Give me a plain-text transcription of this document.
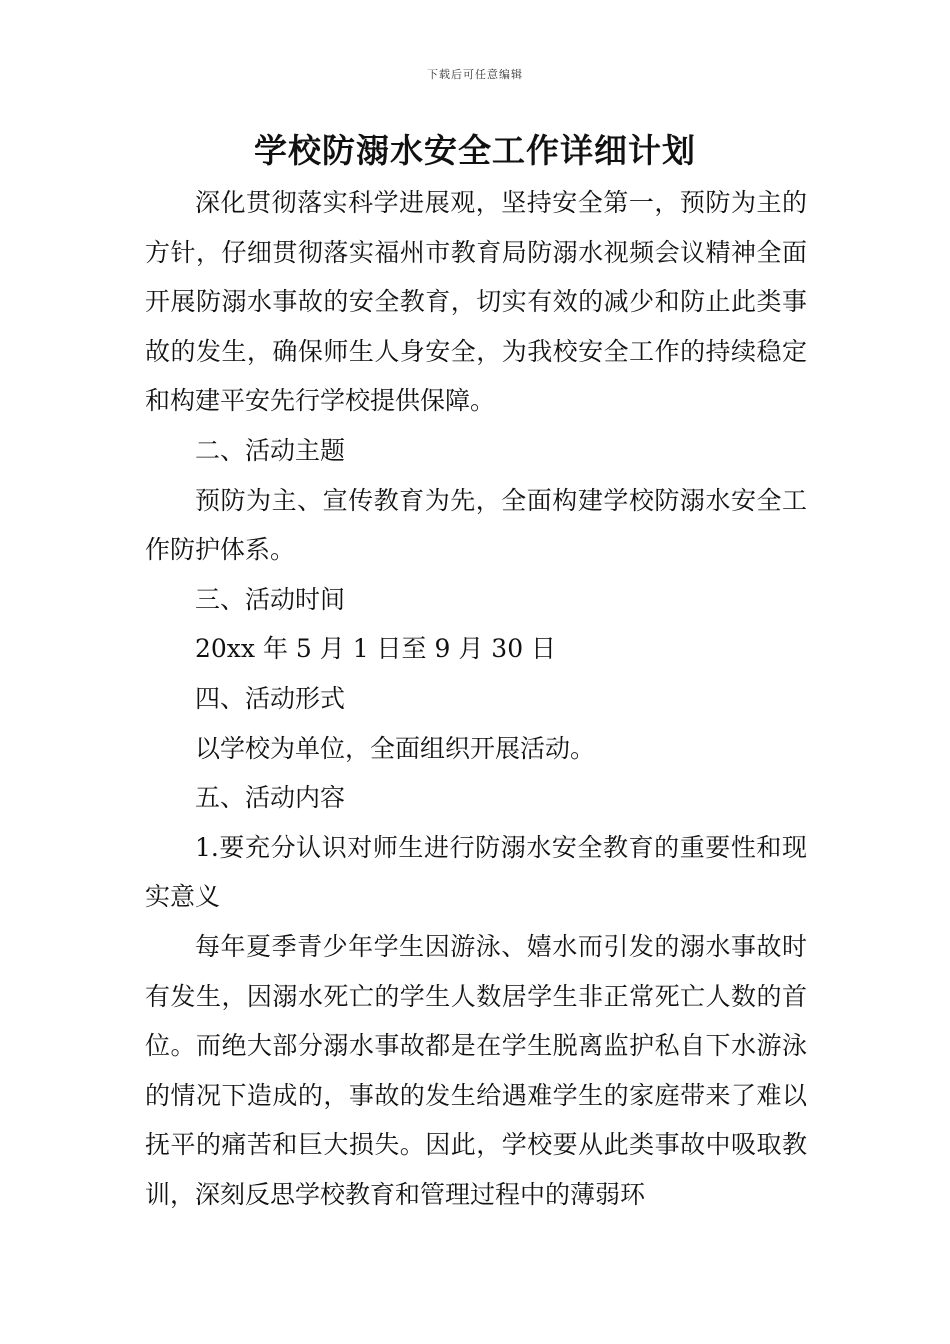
下载后可任意编辑
学校防溺水安全工作详细计划

深化贯彻落实科学进展观，坚持安全第一，预防为主的方针，仔细贯彻落实福州市教育局防溺水视频会议精神全面开展防溺水事故的安全教育，切实有效的减少和防止此类事故的发生，确保师生人身安全，为我校安全工作的持续稳定和构建平安先行学校提供保障。

二、活动主题

预防为主、宣传教育为先，全面构建学校防溺水安全工作防护体系。

三、活动时间

20xx 年 5 月 1 日至 9 月 30 日

四、活动形式

以学校为单位，全面组织开展活动。

五、活动内容

1.要充分认识对师生进行防溺水安全教育的重要性和现实意义

每年夏季青少年学生因游泳、嬉水而引发的溺水事故时有发生，因溺水死亡的学生人数居学生非正常死亡人数的首位。而绝大部分溺水事故都是在学生脱离监护私自下水游泳的情况下造成的，事故的发生给遇难学生的家庭带来了难以抚平的痛苦和巨大损失。因此，学校要从此类事故中吸取教训，深刻反思学校教育和管理过程中的薄弱环
